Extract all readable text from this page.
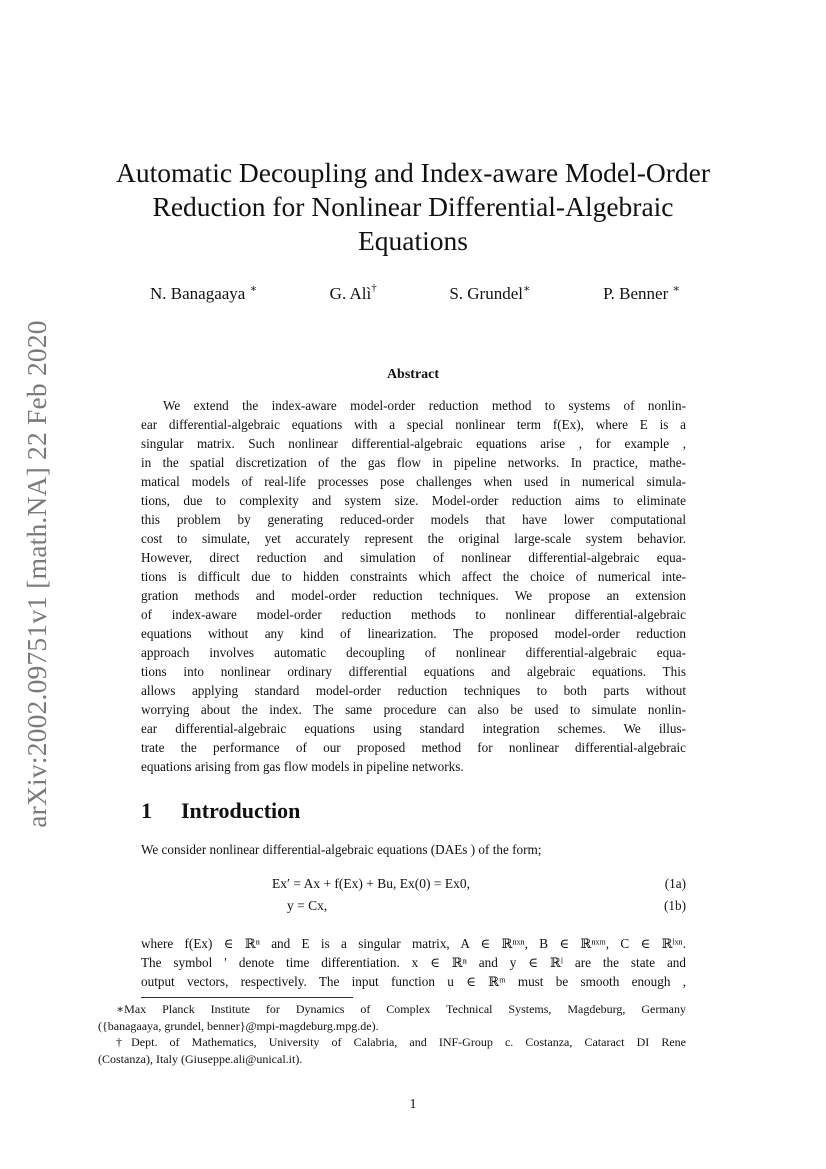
arXiv:2002.09751v1 [math.NA] 22 Feb 2020
Automatic Decoupling and Index-aware Model-Order
Reduction for Nonlinear Differential-Algebraic
Equations
N. Banagaaya ∗	G. Alì†	S. Grundel∗	P. Benner ∗
Abstract
We extend the index-aware model-order reduction method to systems of nonlin-
ear differential-algebraic equations with a special nonlinear term f(Ex), where E is a
singular matrix. Such nonlinear differential-algebraic equations arise , for example ,
in the spatial discretization of the gas flow in pipeline networks. In practice, mathe-
matical models of real-life processes pose challenges when used in numerical simula-
tions, due to complexity and system size. Model-order reduction aims to eliminate
this problem by generating reduced-order models that have lower computational
cost to simulate, yet accurately represent the original large-scale system behavior.
However, direct reduction and simulation of nonlinear differential-algebraic equa-
tions is difficult due to hidden constraints which affect the choice of numerical inte-
gration methods and model-order reduction techniques. We propose an extension
of index-aware model-order reduction methods to nonlinear differential-algebraic
equations without any kind of linearization. The proposed model-order reduction
approach involves automatic decoupling of nonlinear differential-algebraic equa-
tions into nonlinear ordinary differential equations and algebraic equations. This
allows applying standard model-order reduction techniques to both parts without
worrying about the index. The same procedure can also be used to simulate nonlin-
ear differential-algebraic equations using standard integration schemes. We illus-
trate the performance of our proposed method for nonlinear differential-algebraic
equations arising from gas flow models in pipeline networks.
1 Introduction
We consider nonlinear differential-algebraic equations (DAEs ) of the form;
Ex′ = Ax + f(Ex) + Bu, Ex(0) = Ex0,	(1a)
y = Cx,	(1b)
where f(Ex) ∈ ℝⁿ and E is a singular matrix, A ∈ ℝⁿˣⁿ, B ∈ ℝⁿˣᵐ, C ∈ ℝˡˣⁿ.
The symbol ′ denote time differentiation. x ∈ ℝⁿ and y ∈ ℝˡ are the state and
output vectors, respectively. The input function u ∈ ℝᵐ must be smooth enough ,
∗Max Planck Institute for Dynamics of Complex Technical Systems, Magdeburg, Germany
({banagaaya, grundel, benner}@mpi-magdeburg.mpg.de).
†Dept. of Mathematics, University of Calabria, and INF-Group c. Costanza, Cataract DI Rene
(Costanza), Italy (Giuseppe.ali@unical.it).
1
